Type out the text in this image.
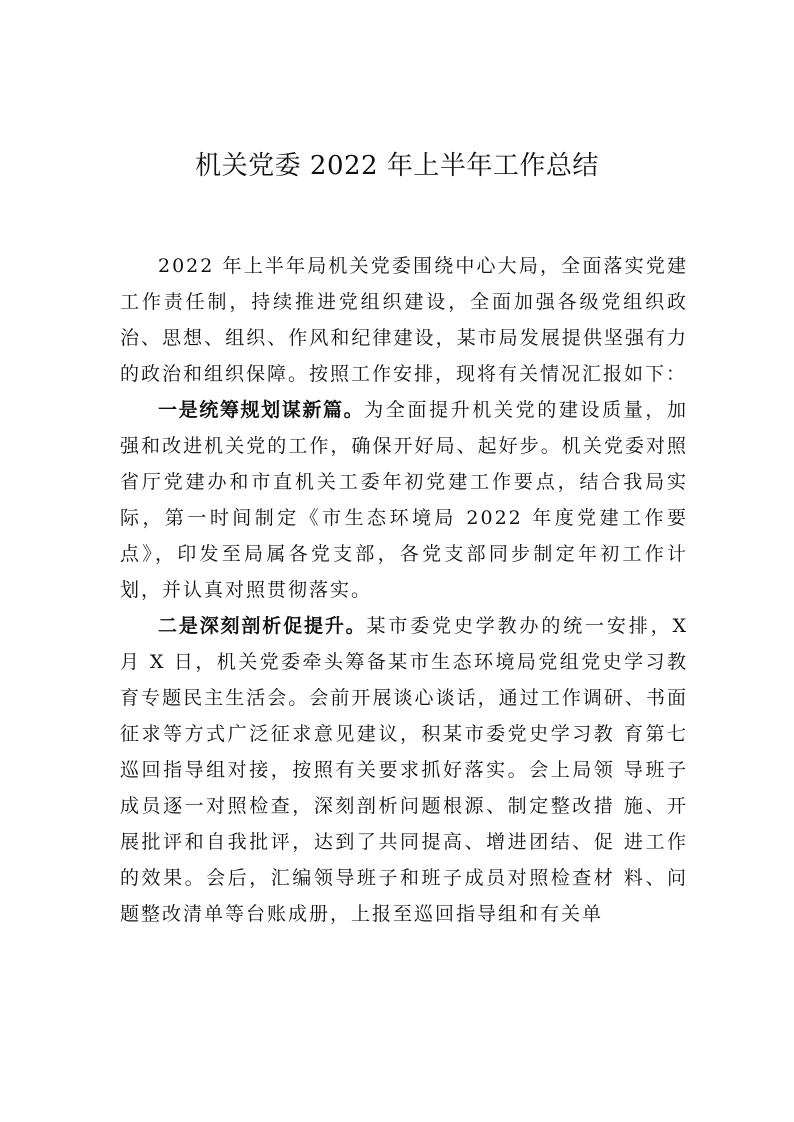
机关党委 2022 年上半年工作总结

2022 年上半年局机关党委围绕中心大局，全面落实党建工作责任制，持续推进党组织建设，全面加强各级党组织政治、思想、组织、作风和纪律建设，某市局发展提供坚强有力的政治和组织保障。按照工作安排，现将有关情况汇报如下：

一是统筹规划谋新篇。为全面提升机关党的建设质量，加强和改进机关党的工作，确保开好局、起好步。机关党委对照省厅党建办和市直机关工委年初党建工作要点，结合我局实际，第一时间制定《市生态环境局 2022 年度党建工作要点》，印发至局属各党支部，各党支部同步制定年初工作计划，并认真对照贯彻落实。

二是深刻剖析促提升。某市委党史学教办的统一安排，X 月 X 日，机关党委牵头筹备某市生态环境局党组党史学习教育专题民主生活会。会前开展谈心谈话，通过工作调研、书面征求等方式广泛征求意见建议，积某市委党史学习教 育第七巡回指导组对接，按照有关要求抓好落实。会上局领 导班子成员逐一对照检查，深刻剖析问题根源、制定整改措 施、开展批评和自我批评，达到了共同提高、增进团结、促 进工作的效果。会后，汇编领导班子和班子成员对照检查材 料、问题整改清单等台账成册，上报至巡回指导组和有关单
